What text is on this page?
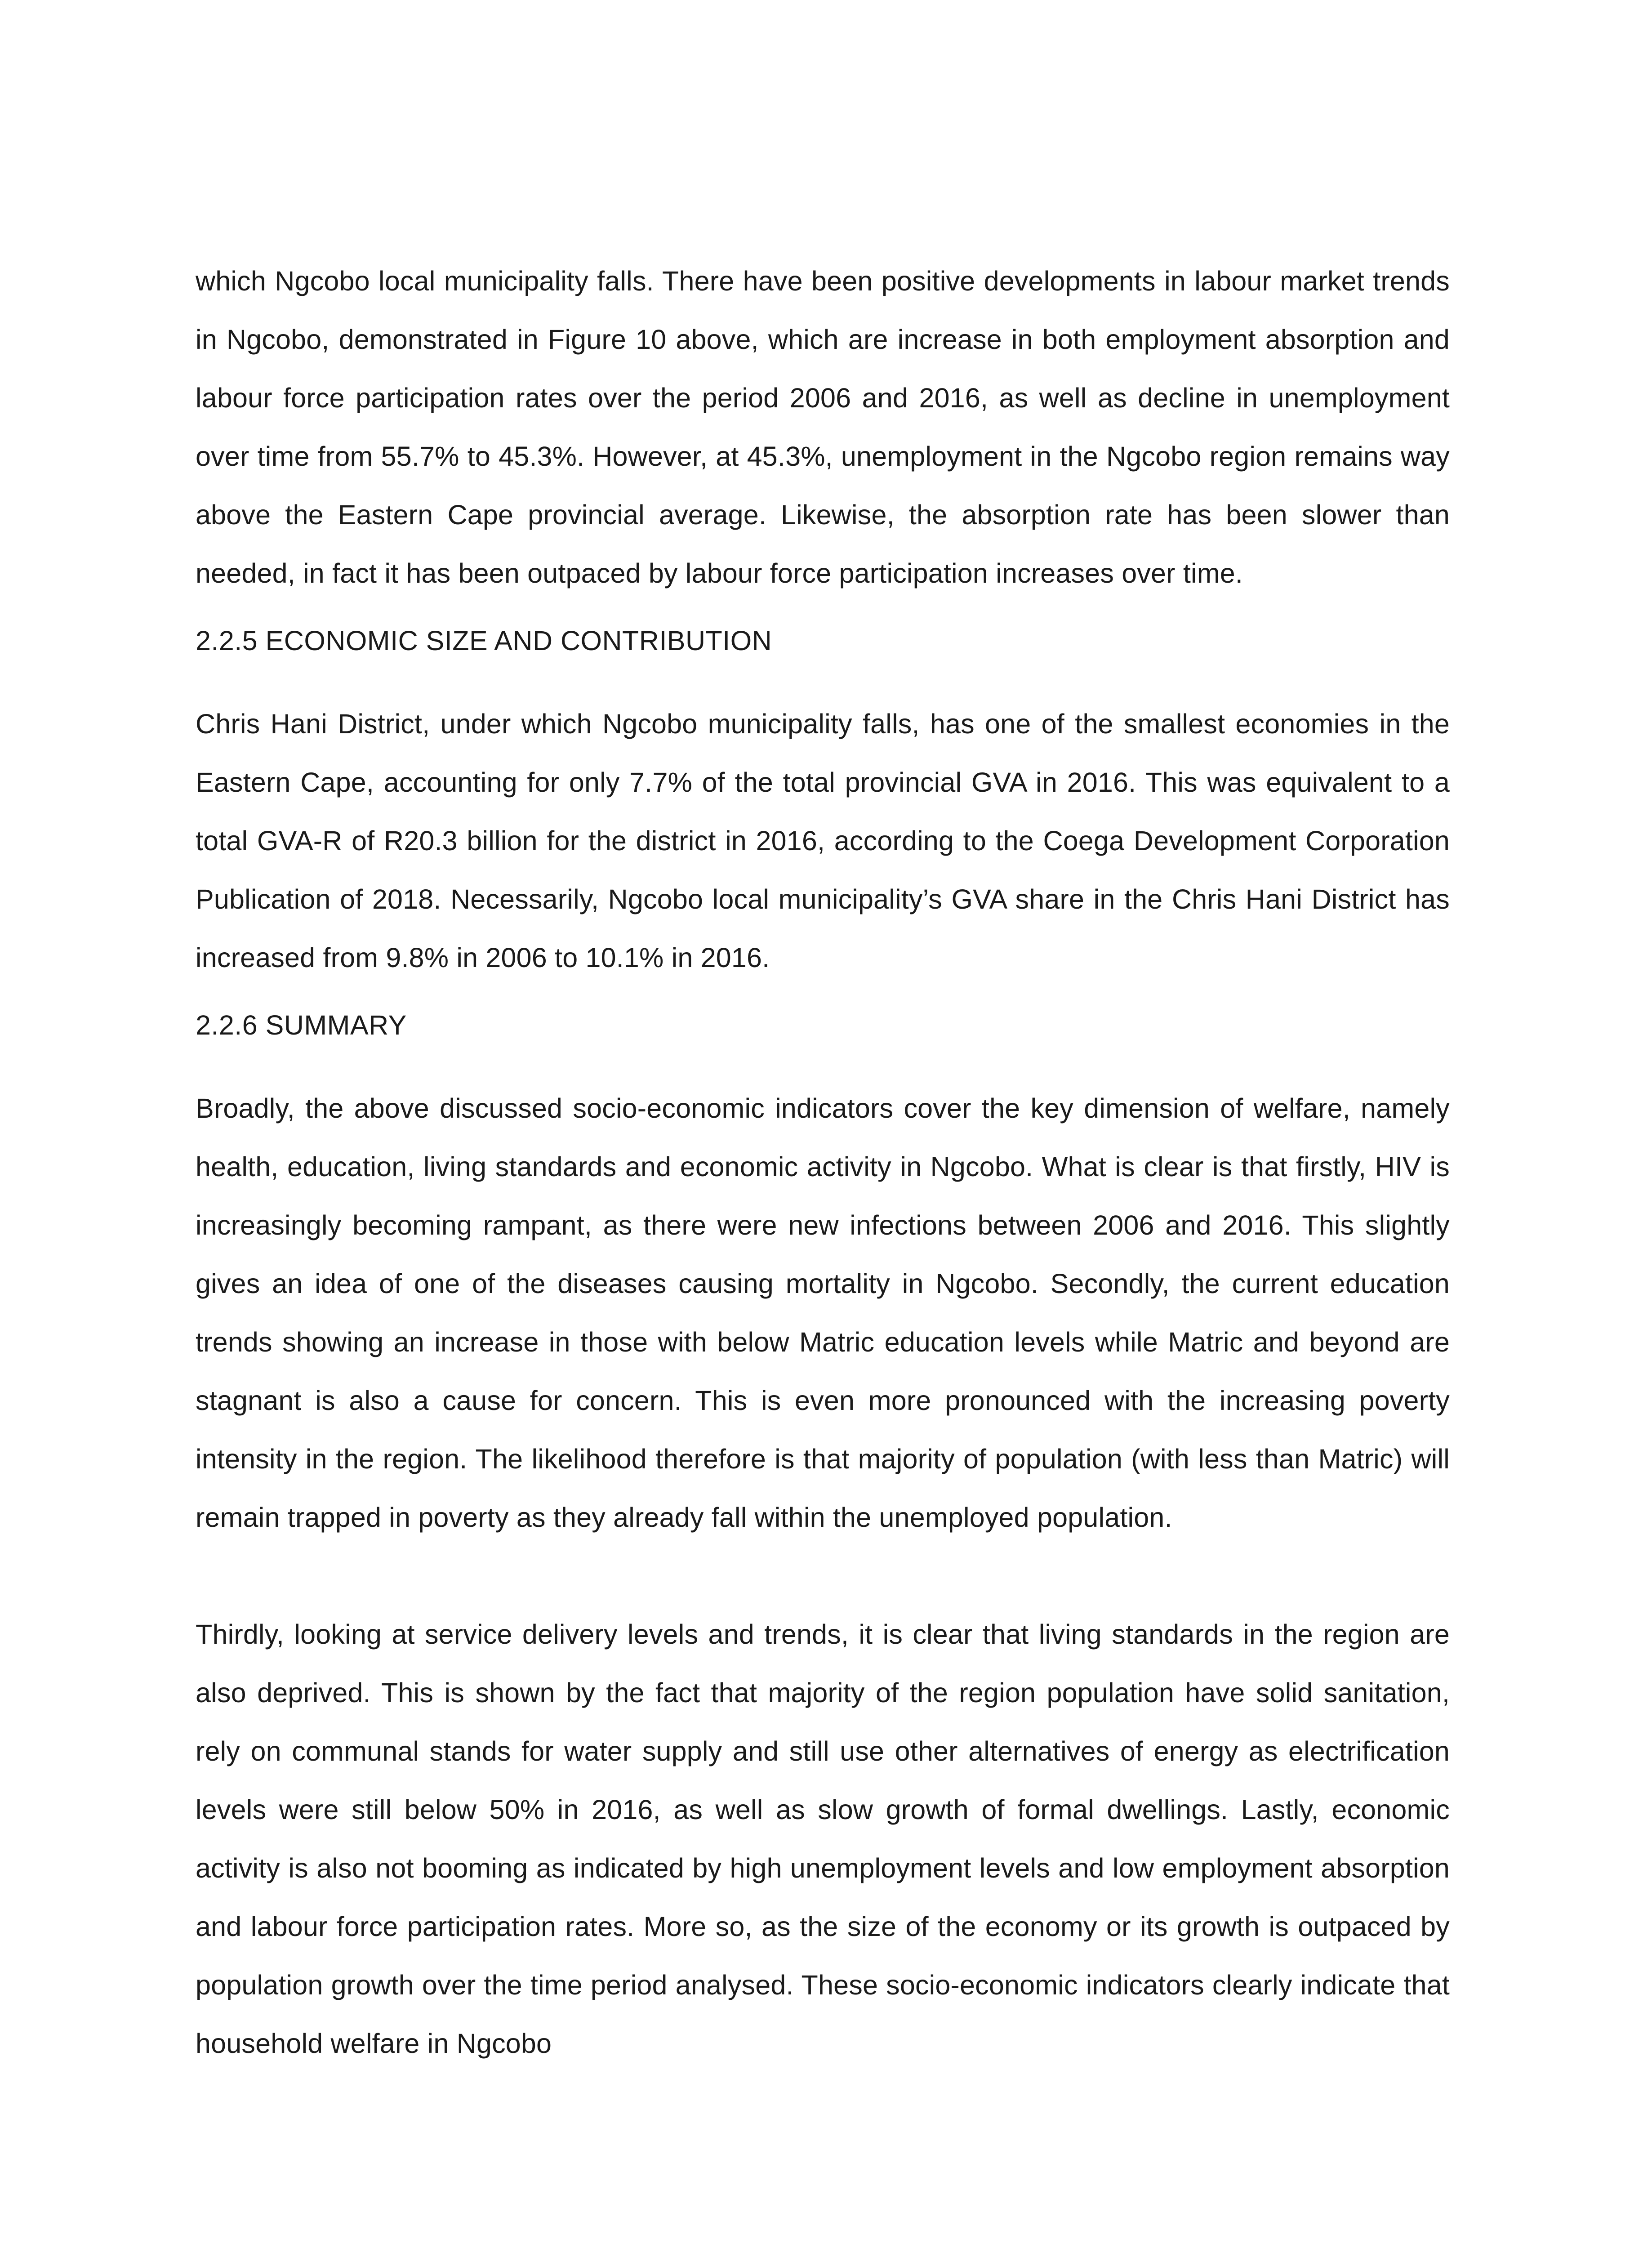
which Ngcobo local municipality falls. There have been positive developments in labour market trends in Ngcobo, demonstrated in Figure 10 above, which are increase in both employment absorption and labour force participation rates over the period 2006 and 2016, as well as decline in unemployment over time from 55.7% to 45.3%. However, at 45.3%, unemployment in the Ngcobo region remains way above the Eastern Cape provincial average. Likewise, the absorption rate has been slower than needed, in fact it has been outpaced by labour force participation increases over time.

2.2.5 ECONOMIC SIZE AND CONTRIBUTION

Chris Hani District, under which Ngcobo municipality falls, has one of the smallest economies in the Eastern Cape, accounting for only 7.7% of the total provincial GVA in 2016. This was equivalent to a total GVA-R of R20.3 billion for the district in 2016, according to the Coega Development Corporation Publication of 2018. Necessarily, Ngcobo local municipality’s GVA share in the Chris Hani District has increased from 9.8% in 2006 to 10.1% in 2016.

2.2.6 SUMMARY

Broadly, the above discussed socio-economic indicators cover the key dimension of welfare, namely health, education, living standards and economic activity in Ngcobo. What is clear is that firstly, HIV is increasingly becoming rampant, as there were new infections between 2006 and 2016. This slightly gives an idea of one of the diseases causing mortality in Ngcobo. Secondly, the current education trends showing an increase in those with below Matric education levels while Matric and beyond are stagnant is also a cause for concern. This is even more pronounced with the increasing poverty intensity in the region. The likelihood therefore is that majority of population (with less than Matric) will remain trapped in poverty as they already fall within the unemployed population.

Thirdly, looking at service delivery levels and trends, it is clear that living standards in the region are also deprived. This is shown by the fact that majority of the region population have solid sanitation, rely on communal stands for water supply and still use other alternatives of energy as electrification levels were still below 50% in 2016, as well as slow growth of formal dwellings. Lastly, economic activity is also not booming as indicated by high unemployment levels and low employment absorption and labour force participation rates. More so, as the size of the economy or its growth is outpaced by population growth over the time period analysed. These socio-economic indicators clearly indicate that household welfare in Ngcobo
